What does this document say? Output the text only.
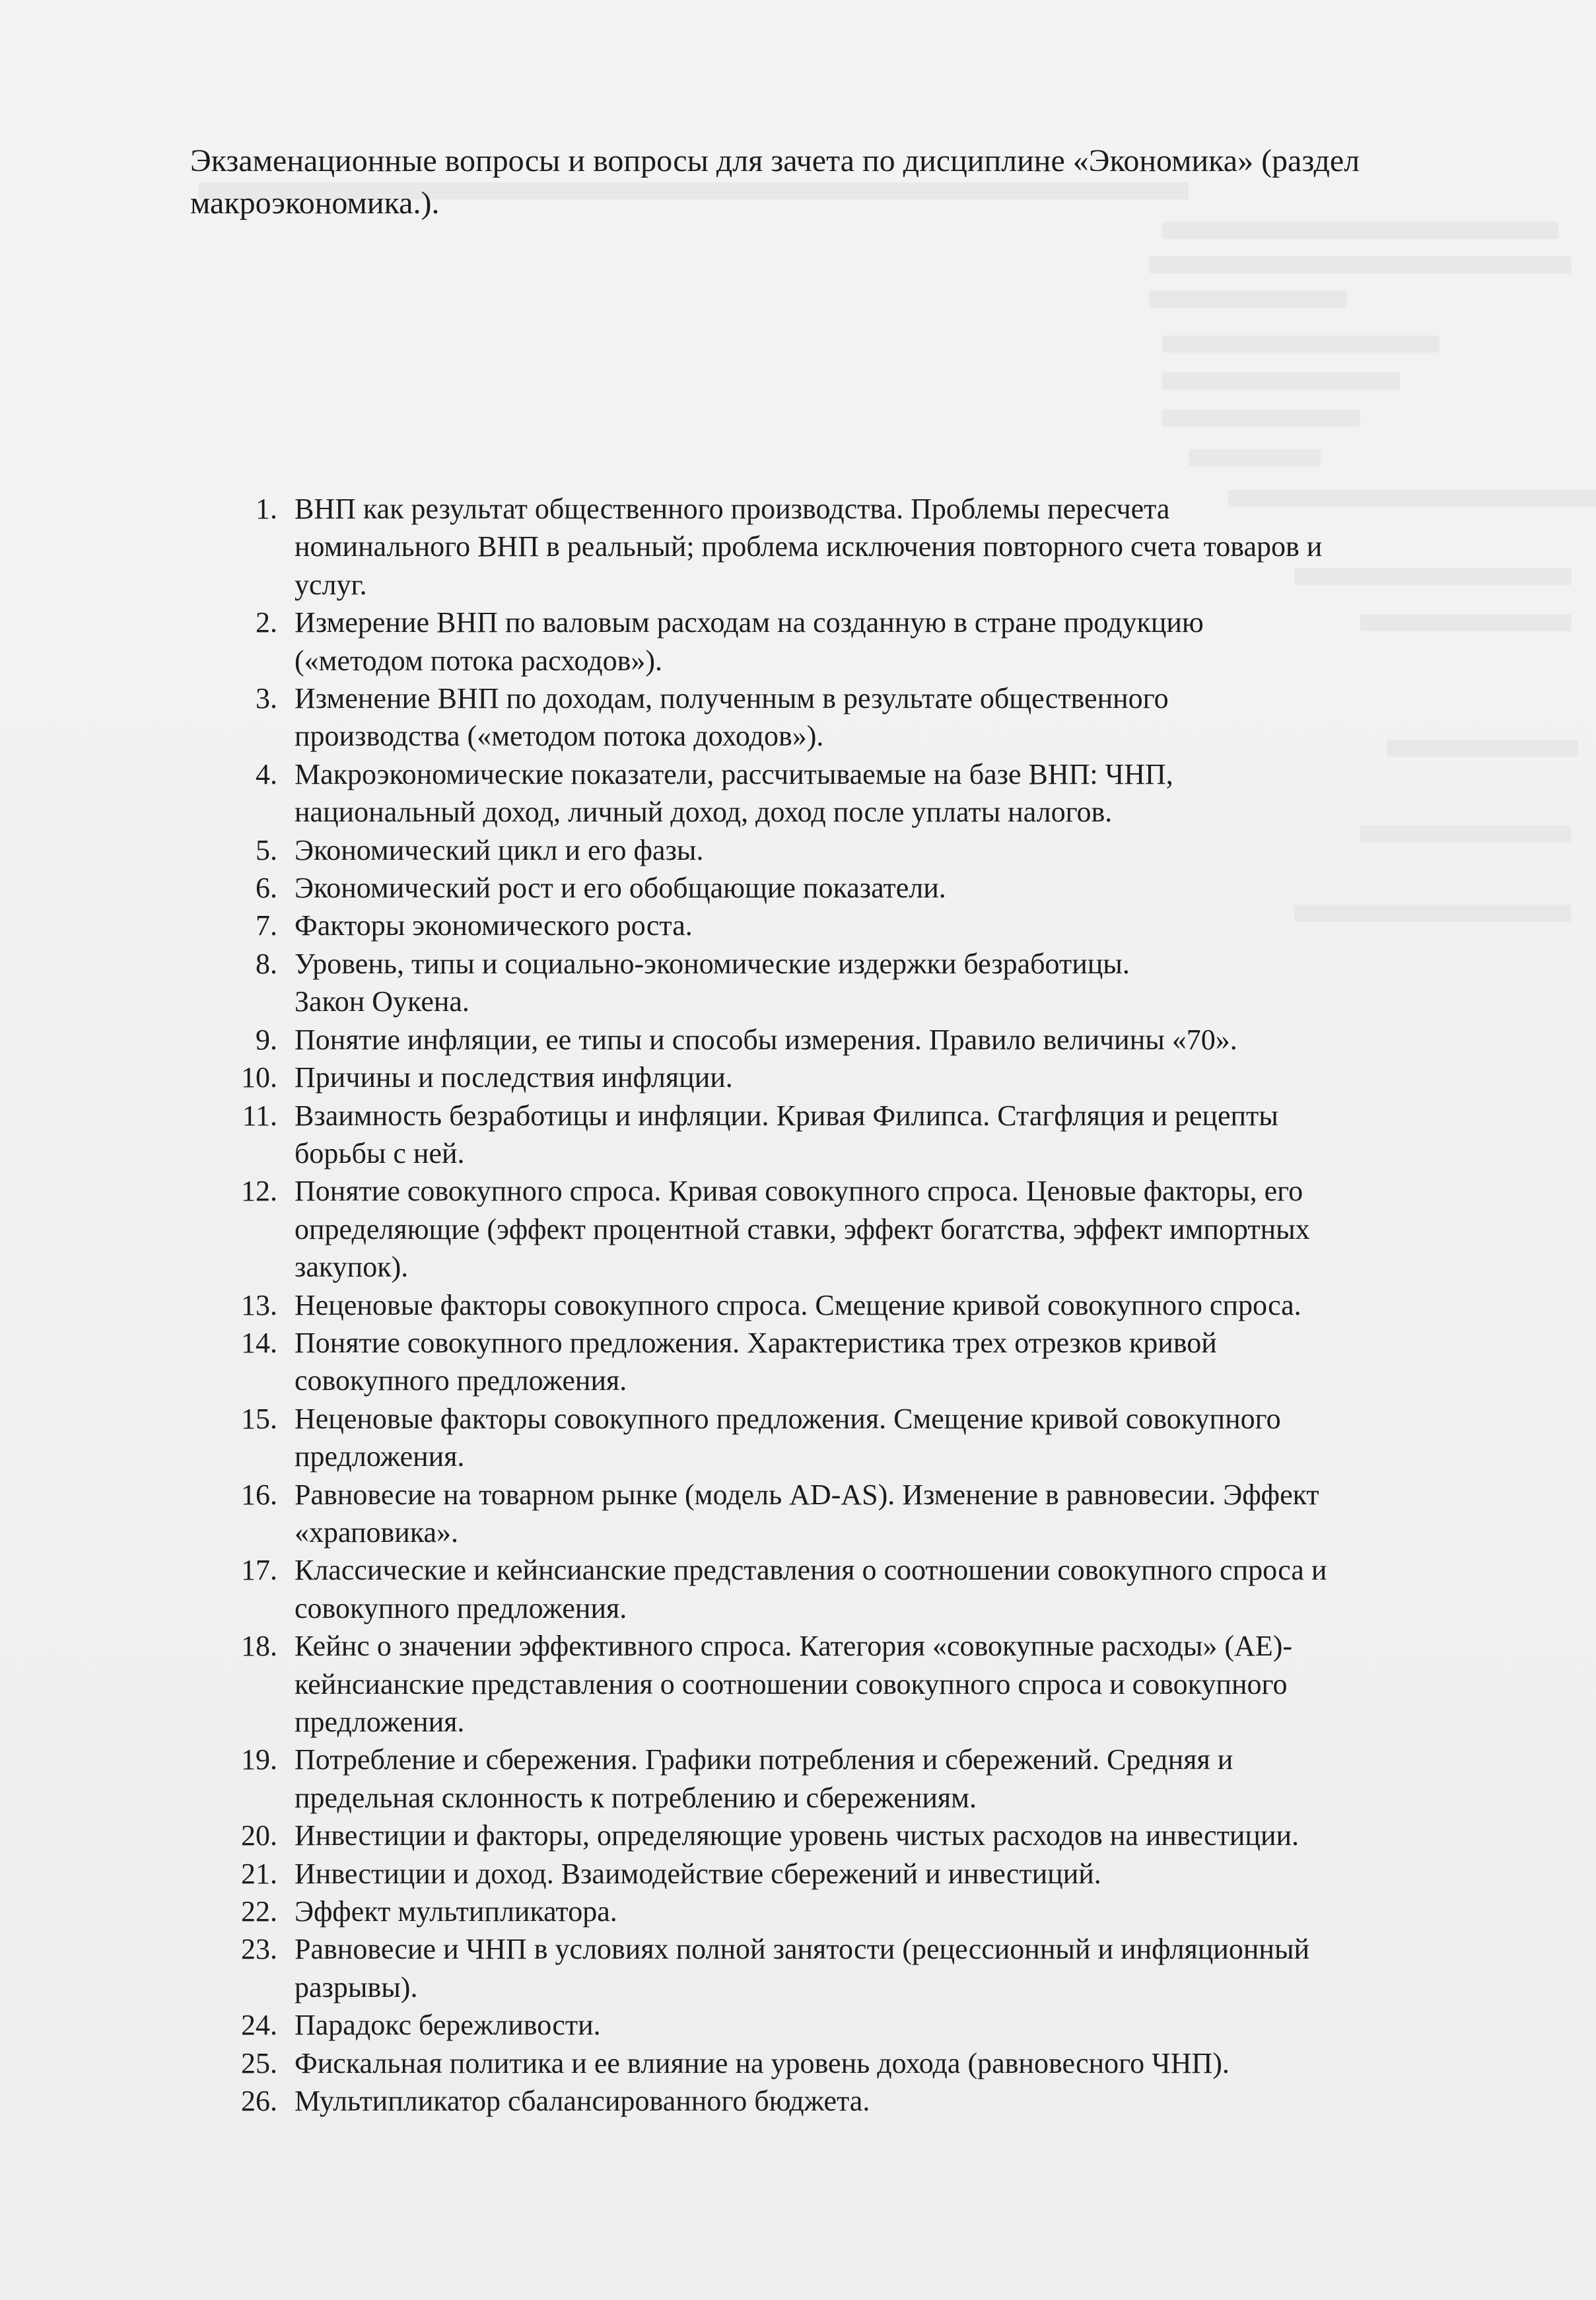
Экзаменационные вопросы и вопросы для зачета по дисциплине «Экономика» (раздел макроэкономика.).
1. ВНП как результат общественного производства. Проблемы пересчета
номинального ВНП в реальный; проблема исключения повторного счета товаров и
услуг.
2. Измерение ВНП по валовым расходам на созданную в стране продукцию
(«методом потока расходов»).
3. Изменение ВНП по доходам, полученным в результате общественного
производства («методом потока доходов»).
4. Макроэкономические показатели, рассчитываемые на базе ВНП: ЧНП,
национальный доход, личный доход, доход после уплаты налогов.
5. Экономический цикл и его фазы.
6. Экономический рост и его обобщающие показатели.
7. Факторы экономического роста.
8. Уровень, типы и социально-экономические издержки безработицы.
Закон Оукена.
9. Понятие инфляции, ее типы и способы измерения. Правило величины «70».
10. Причины и последствия инфляции.
11. Взаимность безработицы и инфляции. Кривая Филипса. Стагфляция и рецепты
борьбы с ней.
12. Понятие совокупного спроса. Кривая совокупного спроса. Ценовые факторы, его
определяющие (эффект процентной ставки, эффект богатства, эффект импортных
закупок).
13. Неценовые факторы совокупного спроса. Смещение кривой совокупного спроса.
14. Понятие совокупного предложения. Характеристика трех отрезков кривой
совокупного предложения.
15. Неценовые факторы совокупного предложения. Смещение кривой совокупного
предложения.
16. Равновесие на товарном рынке (модель AD-AS). Изменение в равновесии. Эффект
«храповика».
17. Классические и кейнсианские представления о соотношении совокупного спроса и
совокупного предложения.
18. Кейнс о значении эффективного спроса. Категория «совокупные расходы» (АЕ)-
кейнсианские представления о соотношении совокупного спроса и совокупного
предложения.
19. Потребление и сбережения. Графики потребления и сбережений. Средняя и
предельная склонность к потреблению и сбережениям.
20. Инвестиции и факторы, определяющие уровень чистых расходов на инвестиции.
21. Инвестиции и доход. Взаимодействие сбережений и инвестиций.
22. Эффект мультипликатора.
23. Равновесие и ЧНП в условиях полной занятости (рецессионный и инфляционный
разрывы).
24. Парадокс бережливости.
25. Фискальная политика и ее влияние на уровень дохода (равновесного ЧНП).
26. Мультипликатор сбалансированного бюджета.
